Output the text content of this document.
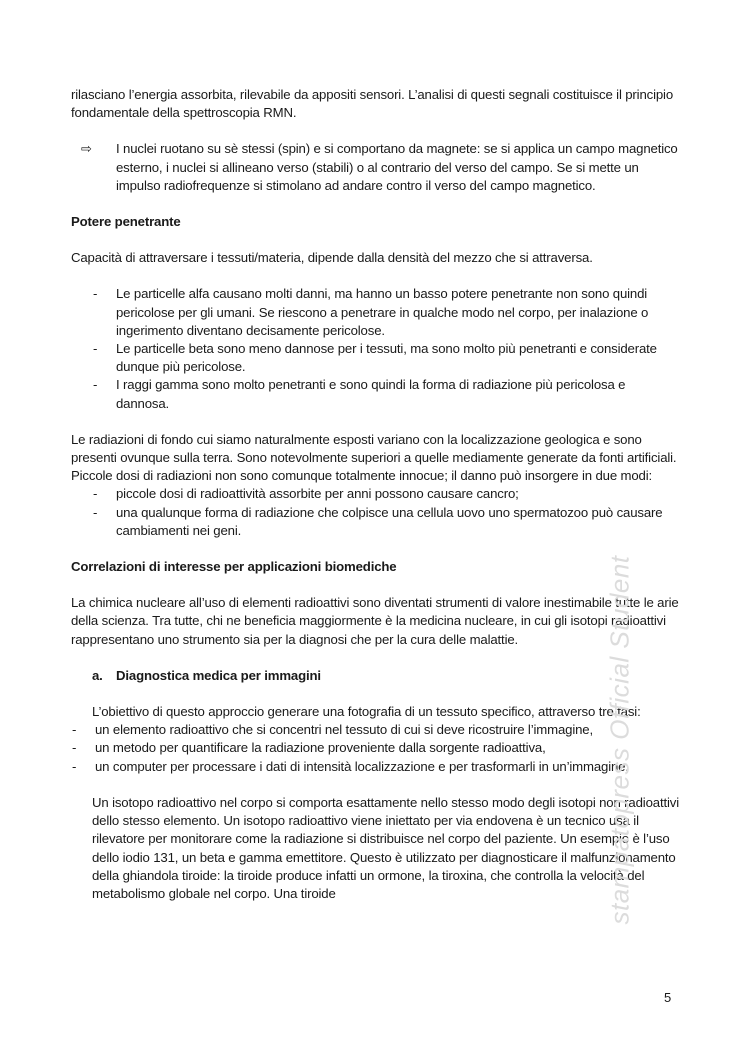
rilasciano l’energia assorbita, rilevabile da appositi sensori. L’analisi di questi segnali costituisce il principio fondamentale della spettroscopia RMN.

⇨ I nuclei ruotano su sè stessi (spin) e si comportano da magnete: se si applica un campo magnetico esterno, i nuclei si allineano verso (stabili) o al contrario del verso del campo. Se si mette un impulso radiofrequenze si stimolano ad andare contro il verso del campo magnetico.

Potere penetrante

Capacità di attraversare i tessuti/materia, dipende dalla densità del mezzo che si attraversa.

- Le particelle alfa causano molti danni, ma hanno un basso potere penetrante non sono quindi pericolose per gli umani. Se riescono a penetrare in qualche modo nel corpo, per inalazione o ingerimento diventano decisamente pericolose.
- Le particelle beta sono meno dannose per i tessuti, ma sono molto più penetranti e considerate dunque più pericolose.
- I raggi gamma sono molto penetranti e sono quindi la forma di radiazione più pericolosa e dannosa.

Le radiazioni di fondo cui siamo naturalmente esposti variano con la localizzazione geologica e sono presenti ovunque sulla terra. Sono notevolmente superiori a quelle mediamente generate da fonti artificiali. Piccole dosi di radiazioni non sono comunque totalmente innocue; il danno può insorgere in due modi:

- piccole dosi di radioattività assorbite per anni possono causare cancro;
- una qualunque forma di radiazione che colpisce una cellula uovo uno spermatozoo può causare cambiamenti nei geni.

Correlazioni di interesse per applicazioni biomediche

La chimica nucleare all’uso di elementi radioattivi sono diventati strumenti di valore inestimabile tutte le arie della scienza. Tra tutte, chi ne beneficia maggiormente è la medicina nucleare, in cui gli isotopi radioattivi rappresentano uno strumento sia per la diagnosi che per la cura delle malattie.

a. Diagnostica medica per immagini

L’obiettivo di questo approccio generare una fotografia di un tessuto specifico, attraverso tre fasi:

- un elemento radioattivo che si concentri nel tessuto di cui si deve ricostruire l’immagine,
- un metodo per quantificare la radiazione proveniente dalla sorgente radioattiva,
- un computer per processare i dati di intensità localizzazione e per trasformarli in un’immagine.

Un isotopo radioattivo nel corpo si comporta esattamente nello stesso modo degli isotopi non radioattivi dello stesso elemento. Un isotopo radioattivo viene iniettato per via endovena è un tecnico usa il rilevatore per monitorare come la radiazione si distribuisce nel corpo del paziente. Un esempio è l’uso dello iodio 131, un beta e gamma emettitore. Questo è utilizzato per diagnosticare il malfunzionamento della ghiandola tiroide: la tiroide produce infatti un ormone, la tiroxina, che controlla la velocità del metabolismo globale nel corpo. Una tiroide	stampatopress Official Student
5
